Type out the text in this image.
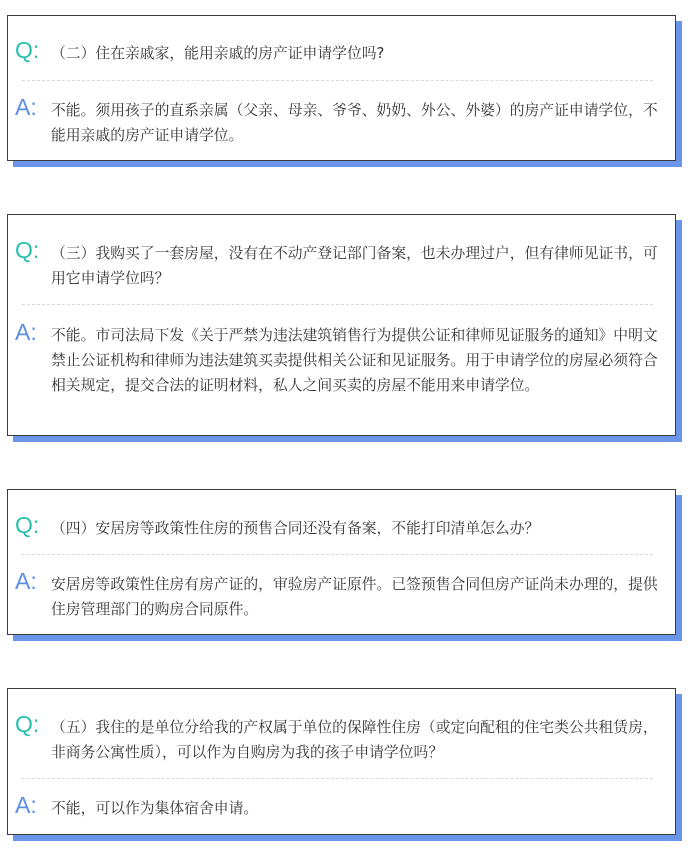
Q: （二）住在亲戚家，能用亲戚的房产证申请学位吗?
A: 不能。须用孩子的直系亲属（父亲、母亲、爷爷、奶奶、外公、外婆）的房产证申请学位，不能用亲戚的房产证申请学位。
Q: （三）我购买了一套房屋，没有在不动产登记部门备案，也未办理过户，但有律师见证书，可用它申请学位吗？
A: 不能。市司法局下发《关于严禁为违法建筑销售行为提供公证和律师见证服务的通知》中明文禁止公证机构和律师为违法建筑买卖提供相关公证和见证服务。用于申请学位的房屋必须符合相关规定，提交合法的证明材料，私人之间买卖的房屋不能用来申请学位。
Q: （四）安居房等政策性住房的预售合同还没有备案，不能打印清单怎么办？
A: 安居房等政策性住房有房产证的，审验房产证原件。已签预售合同但房产证尚未办理的，提供住房管理部门的购房合同原件。
Q: （五）我住的是单位分给我的产权属于单位的保障性住房（或定向配租的住宅类公共租赁房，非商务公寓性质），可以作为自购房为我的孩子申请学位吗？
A: 不能，可以作为集体宿舍申请。
